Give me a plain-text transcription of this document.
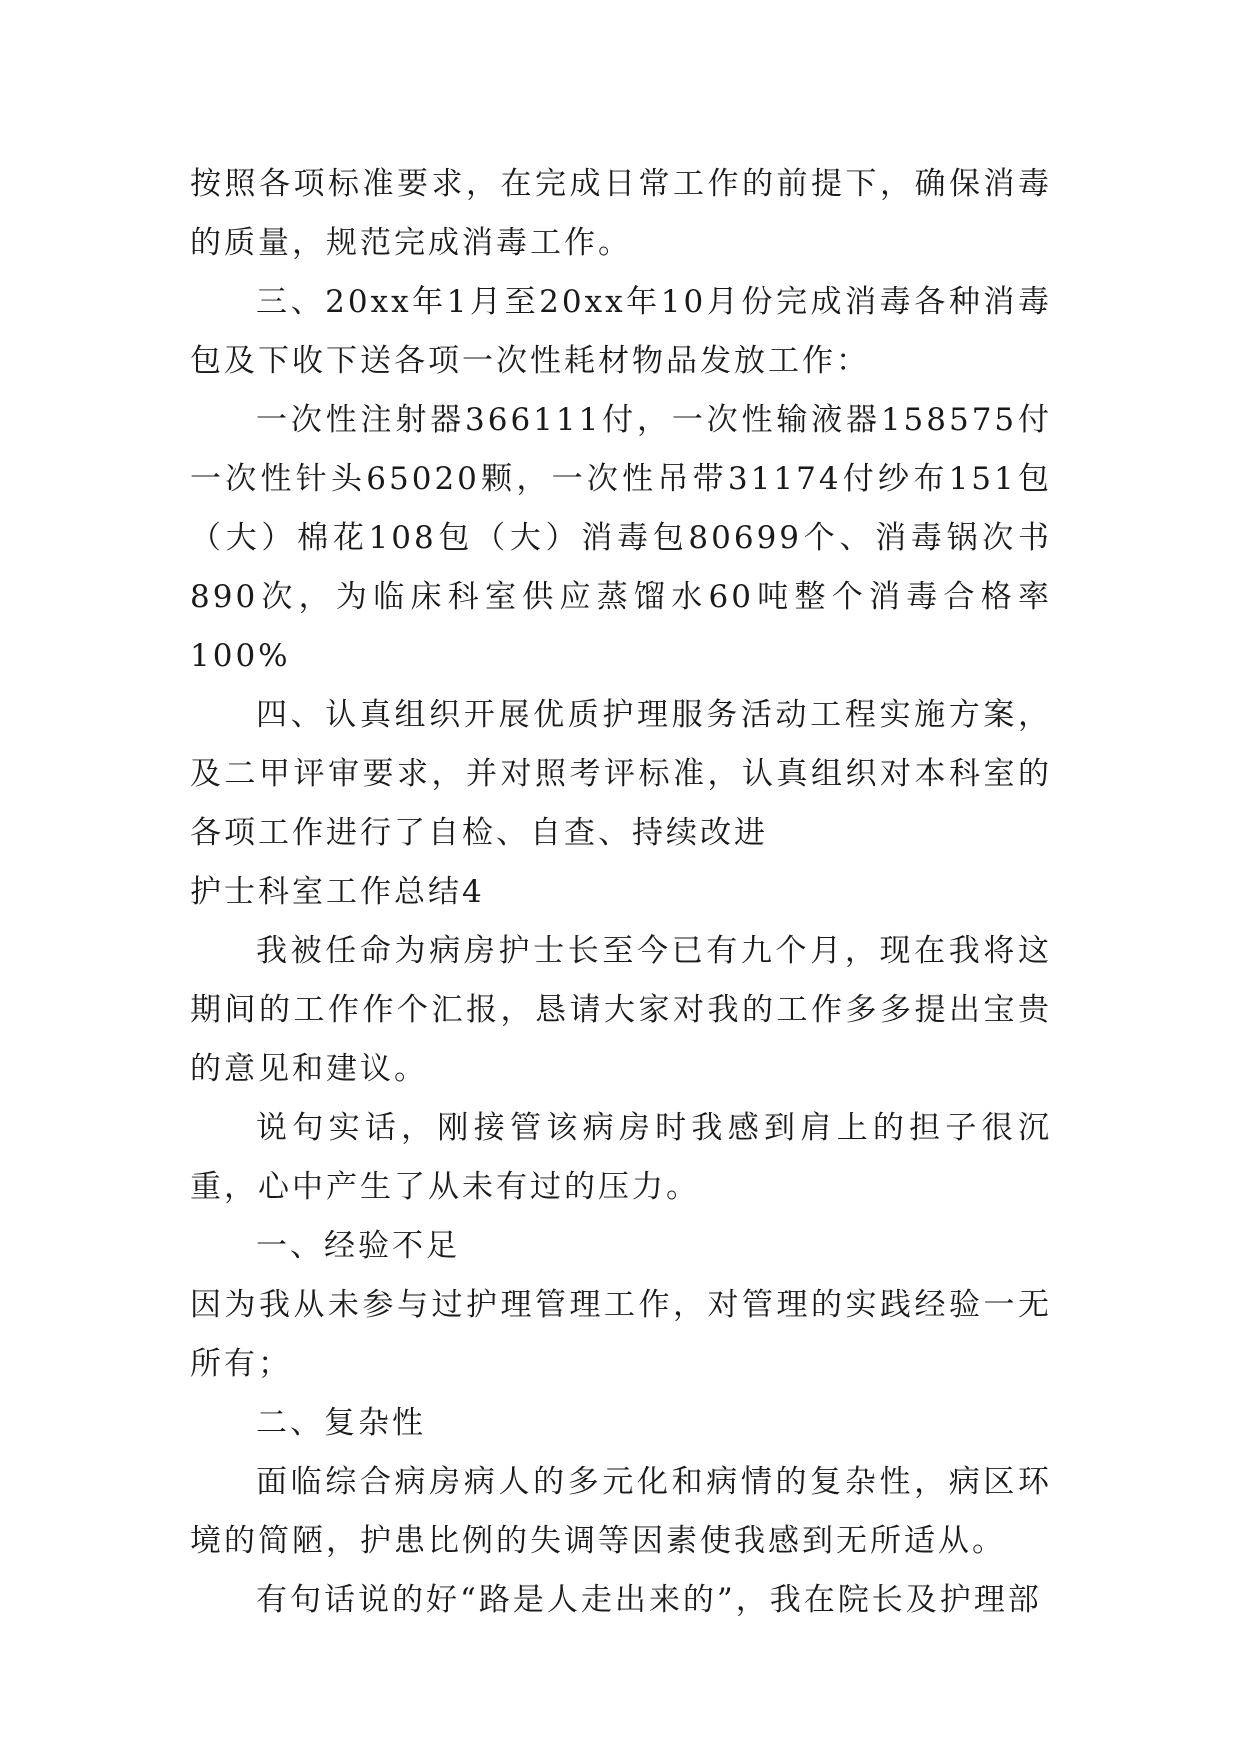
按照各项标准要求，在完成日常工作的前提下，确保消毒的质量，规范完成消毒工作。

三、20xx年1月至20xx年10月份完成消毒各种消毒包及下收下送各项一次性耗材物品发放工作：

一次性注射器366111付，一次性输液器158575付一次性针头65020颗，一次性吊带31174付纱布151包（大）棉花108包（大）消毒包80699个、消毒锅次书890次，为临床科室供应蒸馏水60吨整个消毒合格率100%

四、认真组织开展优质护理服务活动工程实施方案，及二甲评审要求，并对照考评标准，认真组织对本科室的各项工作进行了自检、自查、持续改进

护士科室工作总结4

我被任命为病房护士长至今已有九个月，现在我将这期间的工作作个汇报，恳请大家对我的工作多多提出宝贵的意见和建议。

说句实话，刚接管该病房时我感到肩上的担子很沉重，心中产生了从未有过的压力。

一、经验不足

因为我从未参与过护理管理工作，对管理的实践经验一无所有；

二、复杂性

面临综合病房病人的多元化和病情的复杂性，病区环境的简陋，护患比例的失调等因素使我感到无所适从。

有句话说的好“路是人走出来的”，我在院长及护理部
